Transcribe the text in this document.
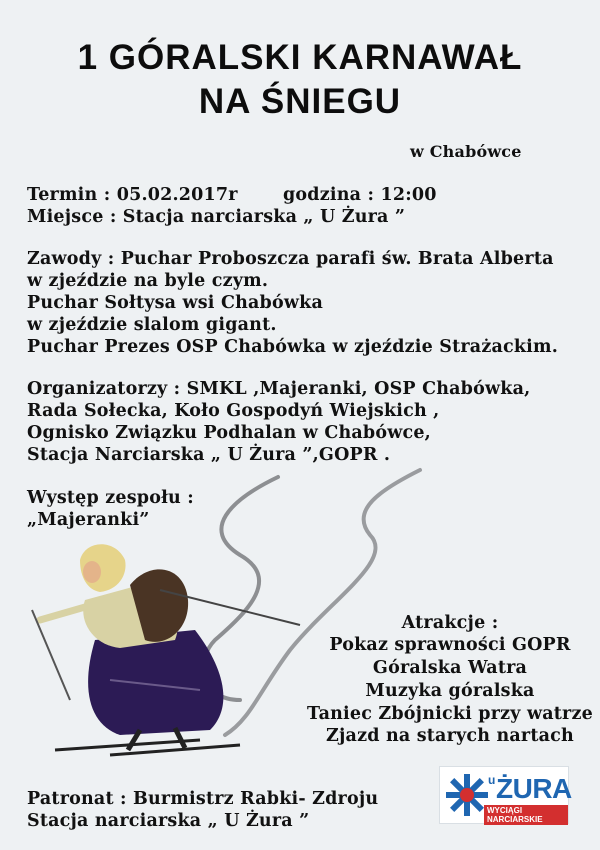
1 GÓRALSKI KARNAWAŁ
NA ŚNIEGU
w Chabówce
Termin : 05.02.2017r	godzina : 12:00
Miejsce : Stacja narciarska „ U Żura ”
Zawody : Puchar Proboszcza parafi św. Brata Alberta
w zjeździe na byle czym.
Puchar Sołtysa wsi Chabówka
w zjeździe slalom gigant.
Puchar Prezes OSP Chabówka w zjeździe Strażackim.
Organizatorzy : SMKL ,Majeranki, OSP Chabówka,
Rada Sołecka, Koło Gospodyń Wiejskich ,
Ognisko Związku Podhalan w Chabówce,
Stacja Narciarska „ U Żura ”,GOPR .
Występ zespołu :
„Majeranki”
Atrakcje :
Pokaz sprawności GOPR
Góralska Watra
Muzyka góralska
Taniec Zbójnicki przy watrze
Zjazd na starych nartach
Patronat : Burmistrz Rabki- Zdroju
Stacja narciarska „ U Żura ”
u ŻURA
WYCIĄGI NARCIARSKIE
